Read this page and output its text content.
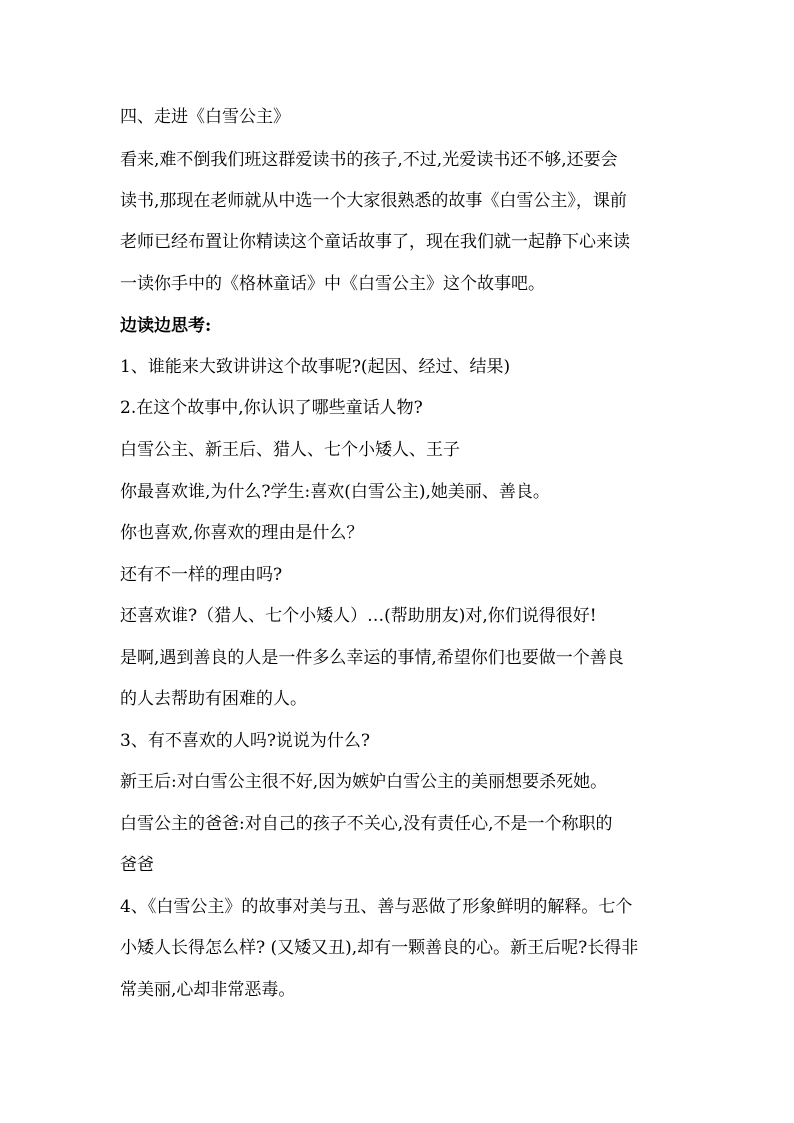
四、走进《白雪公主》
看来,难不倒我们班这群爱读书的孩子,不过,光爱读书还不够,还要会
读书,那现在老师就从中选一个大家很熟悉的故事《白雪公主》，课前
老师已经布置让你精读这个童话故事了，现在我们就一起静下心来读
一读你手中的《格林童话》中《白雪公主》这个故事吧。
边读边思考:
1、谁能来大致讲讲这个故事呢?(起因、经过、结果)
2.在这个故事中,你认识了哪些童话人物?
白雪公主、新王后、猎人、七个小矮人、王子
你最喜欢谁,为什么?学生:喜欢(白雪公主),她美丽、善良。
你也喜欢,你喜欢的理由是什么？
还有不一样的理由吗?
还喜欢谁?（猎人、七个小矮人）…(帮助朋友)对,你们说得很好!
是啊,遇到善良的人是一件多么幸运的事情,希望你们也要做一个善良
的人去帮助有困难的人。
3、有不喜欢的人吗?说说为什么?
新王后:对白雪公主很不好,因为嫉妒白雪公主的美丽想要杀死她。
白雪公主的爸爸:对自己的孩子不关心,没有责任心,不是一个称职的
爸爸
4、《白雪公主》的故事对美与丑、善与恶做了形象鲜明的解释。七个
小矮人长得怎么样? (又矮又丑),却有一颗善良的心。新王后呢?长得非
常美丽,心却非常恶毒。
